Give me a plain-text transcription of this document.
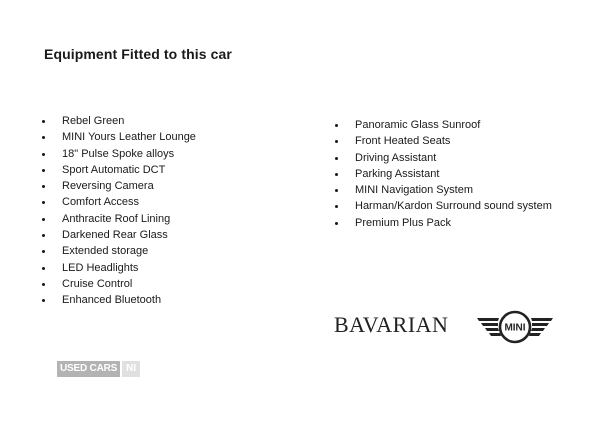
Equipment Fitted to this car
Rebel Green
MINI Yours Leather Lounge
18" Pulse Spoke alloys
Sport Automatic DCT
Reversing Camera
Comfort Access
Anthracite Roof Lining
Darkened Rear Glass
Extended storage
LED Headlights
Cruise Control
Enhanced Bluetooth
Panoramic Glass Sunroof
Front Heated Seats
Driving Assistant
Parking Assistant
MINI Navigation System
Harman/Kardon Surround sound system
Premium Plus Pack
BAVARIAN	MINI
USED CARS NI
